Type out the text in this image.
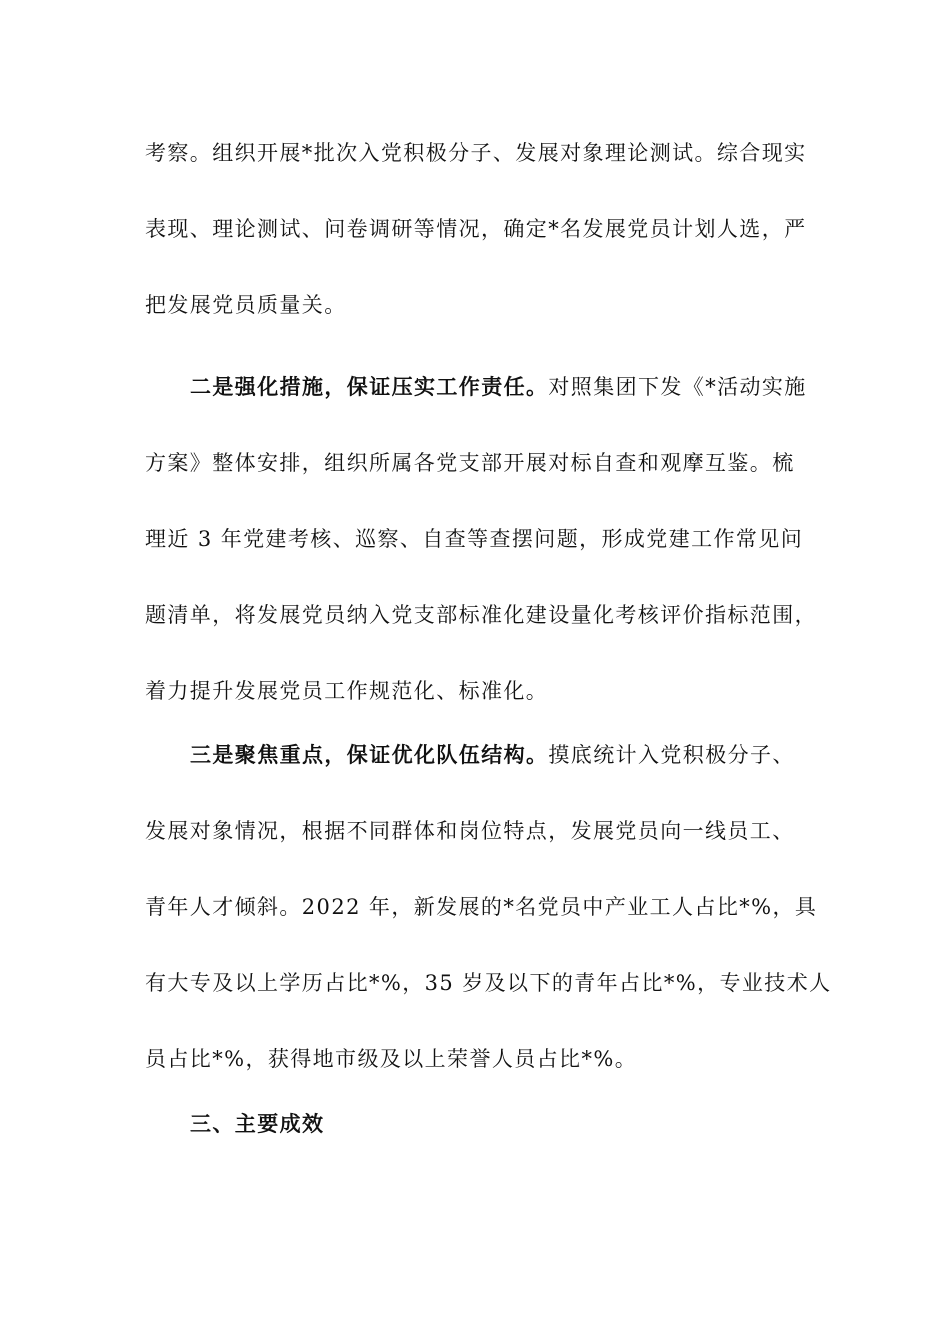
考察。组织开展*批次入党积极分子、发展对象理论测试。综合现实
表现、理论测试、问卷调研等情况，确定*名发展党员计划人选，严
把发展党员质量关。
二是强化措施，保证压实工作责任。对照集团下发《*活动实施
方案》整体安排，组织所属各党支部开展对标自查和观摩互鉴。梳
理近 3 年党建考核、巡察、自查等查摆问题，形成党建工作常见问
题清单，将发展党员纳入党支部标准化建设量化考核评价指标范围，
着力提升发展党员工作规范化、标准化。
三是聚焦重点，保证优化队伍结构。摸底统计入党积极分子、
发展对象情况，根据不同群体和岗位特点，发展党员向一线员工、
青年人才倾斜。2022 年，新发展的*名党员中产业工人占比*%，具
有大专及以上学历占比*%，35 岁及以下的青年占比*%，专业技术人
员占比*%，获得地市级及以上荣誉人员占比*%。
三、主要成效
